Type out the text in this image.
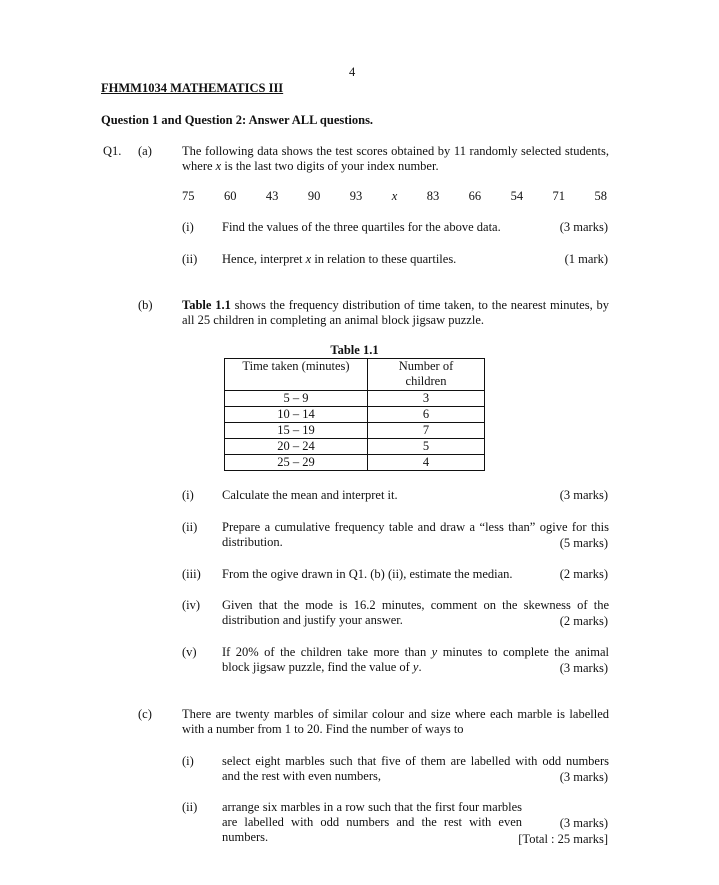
4
FHMM1034 MATHEMATICS III
Question 1 and Question 2: Answer ALL questions.
Q1. (a) The following data shows the test scores obtained by 11 randomly selected students, where x is the last two digits of your index number.
75 60 43 90 93 x 83 66 54 71 58
(i) Find the values of the three quartiles for the above data.	(3 marks)
(ii) Hence, interpret x in relation to these quartiles.	(1 mark)
(b) Table 1.1 shows the frequency distribution of time taken, to the nearest minutes, by all 25 children in completing an animal block jigsaw puzzle.
Table 1.1
Time taken (minutes)	Number of children
5 – 9	3
10 – 14	6
15 – 19	7
20 – 24	5
25 – 29	4
(i) Calculate the mean and interpret it.	(3 marks)
(ii) Prepare a cumulative frequency table and draw a “less than” ogive for this distribution.	(5 marks)
(iii) From the ogive drawn in Q1. (b) (ii), estimate the median.	(2 marks)
(iv) Given that the mode is 16.2 minutes, comment on the skewness of the distribution and justify your answer.	(2 marks)
(v) If 20% of the children take more than y minutes to complete the animal block jigsaw puzzle, find the value of y.	(3 marks)
(c) There are twenty marbles of similar colour and size where each marble is labelled with a number from 1 to 20. Find the number of ways to
(i) select eight marbles such that five of them are labelled with odd numbers and the rest with even numbers,	(3 marks)
(ii) arrange six marbles in a row such that the first four marbles are labelled with odd numbers and the rest with even numbers.
(3 marks)
[Total : 25 marks]
